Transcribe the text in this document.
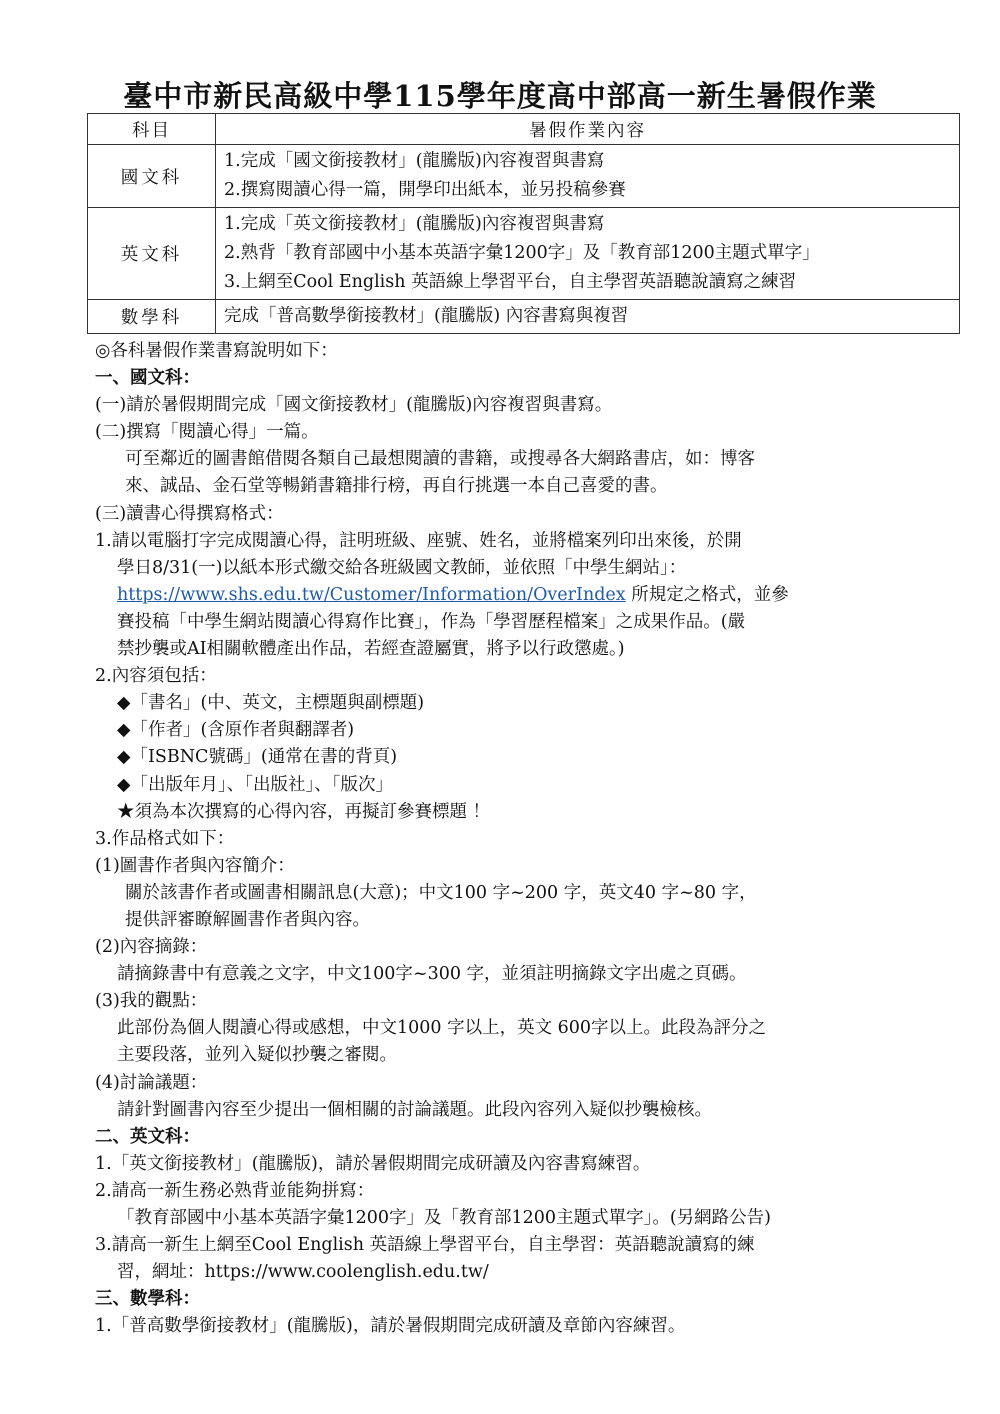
臺中市新民高級中學115學年度高中部高一新生暑假作業
科目	暑假作業內容
國文科	1.完成「國文銜接教材」(龍騰版)內容複習與書寫
2.撰寫閱讀心得一篇，開學印出紙本，並另投稿參賽

英文科	1.完成「英文銜接教材」(龍騰版)內容複習與書寫
2.熟背「教育部國中小基本英語字彙1200字」及「教育部1200主題式單字」
3.上網至Cool English 英語線上學習平台，自主學習英語聽說讀寫之練習

數學科	完成「普高數學銜接教材」(龍騰版) 內容書寫與複習
◎各科暑假作業書寫說明如下：
一、國文科：
(一)請於暑假期間完成「國文銜接教材」(龍騰版)內容複習與書寫。
(二)撰寫「閱讀心得」一篇。
可至鄰近的圖書館借閱各類自己最想閱讀的書籍，或搜尋各大網路書店，如：博客
來、誠品、金石堂等暢銷書籍排行榜，再自行挑選一本自己喜愛的書。
(三)讀書心得撰寫格式：
1.請以電腦打字完成閱讀心得，註明班級、座號、姓名，並將檔案列印出來後，於開
學日8/31(一)以紙本形式繳交給各班級國文教師，並依照「中學生網站」：
https://www.shs.edu.tw/Customer/Information/OverIndex 所規定之格式，並參
賽投稿「中學生網站閱讀心得寫作比賽」，作為「學習歷程檔案」之成果作品。(嚴
禁抄襲或AI相關軟體產出作品，若經查證屬實，將予以行政懲處。)
2.內容須包括：
◆「書名」(中、英文，主標題與副標題)
◆「作者」(含原作者與翻譯者)
◆「ISBNC號碼」(通常在書的背頁)
◆「出版年月」、「出版社」、「版次」
★須為本次撰寫的心得內容，再擬訂參賽標題 ！
3.作品格式如下：
(1)圖書作者與內容簡介：
關於該書作者或圖書相關訊息(大意)；中文100 字~200 字，英文40 字~80 字，
提供評審瞭解圖書作者與內容。
(2)內容摘錄：
請摘錄書中有意義之文字，中文100字~300 字，並須註明摘錄文字出處之頁碼。
(3)我的觀點：
此部份為個人閱讀心得或感想，中文1000 字以上，英文 600字以上。此段為評分之
主要段落，並列入疑似抄襲之審閱。
(4)討論議題：
請針對圖書內容至少提出一個相關的討論議題。此段內容列入疑似抄襲檢核。
二、英文科：
1.「英文銜接教材」(龍騰版)，請於暑假期間完成研讀及內容書寫練習。
2.請高一新生務必熟背並能夠拼寫：
「教育部國中小基本英語字彙1200字」及「教育部1200主題式單字」。(另網路公告)
3.請高一新生上網至Cool English 英語線上學習平台，自主學習：英語聽說讀寫的練
習，網址：https://www.coolenglish.edu.tw/
三、數學科：
1.「普高數學銜接教材」(龍騰版)，請於暑假期間完成研讀及章節內容練習。
